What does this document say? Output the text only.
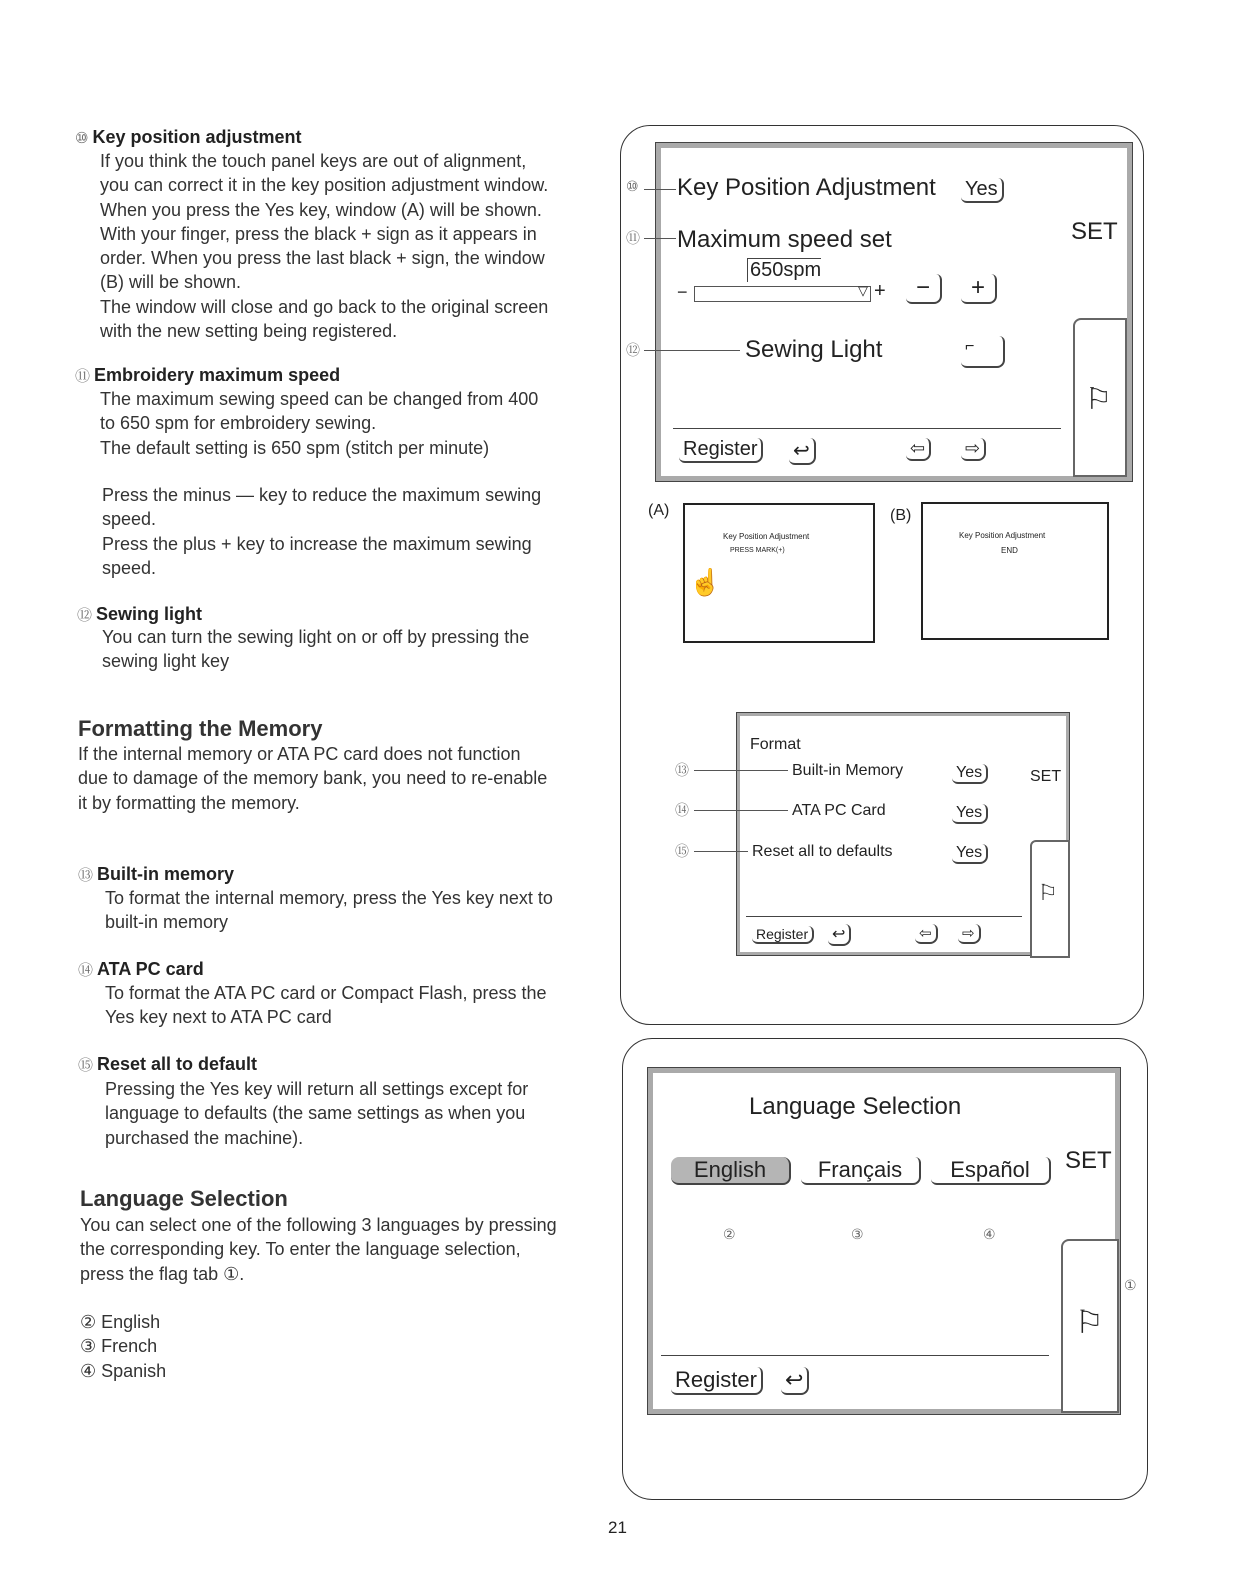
⑩ Key position adjustment
If you think the touch panel keys are out of alignment,
you can correct it in the key position adjustment window.
When you press the Yes key, window (A) will be shown.
With your finger, press the black + sign as it appears in
order. When you press the last black + sign, the window
(B) will be shown.
The window will close and go back to the original screen
with the new setting being registered.
⑪ Embroidery maximum speed
The maximum sewing speed can be changed from 400
to 650 spm for embroidery sewing.
The default setting is 650 spm (stitch per minute)
Press the minus — key to reduce the maximum sewing
speed.
Press the plus + key to increase the maximum sewing
speed.
⑫ Sewing light
You can turn the sewing light on or off by pressing the
sewing light key
Formatting the Memory
If the internal memory or ATA PC card does not function
due to damage of the memory bank, you need to re-enable
it by formatting the memory.
⑬ Built-in memory
To format the internal memory, press the Yes key next to
built-in memory
⑭ ATA PC card
To format the ATA PC card or Compact Flash, press the
Yes key next to ATA PC card
⑮ Reset all to default
Pressing the Yes key will return all settings except for
language to defaults (the same settings as when you
purchased the machine).
Language Selection
You can select one of the following 3 languages by pressing
the corresponding key. To enter the language selection,
press the flag tab ①.
② English
③ French
④ Spanish
⚐
SET
Key Position Adjustment Yes
Maximum speed set
650spm
−	▽ +	−	+
Sewing Light	⌐
Register	↩	⇦	⇨
⑩
⑪
⑫
(A)
Key Position Adjustment
PRESS MARK(+)
☝
(B)
Key Position Adjustment
END
⚐
Format
Built-in Memory	Yes	SET
ATA PC Card	Yes
Reset all to defaults	Yes
Register	↩	⇦	⇨
⑬
⑭
⑮
⚐
SET
Language Selection
English	Français	Español
②	③	④
Register ↩
①
21
